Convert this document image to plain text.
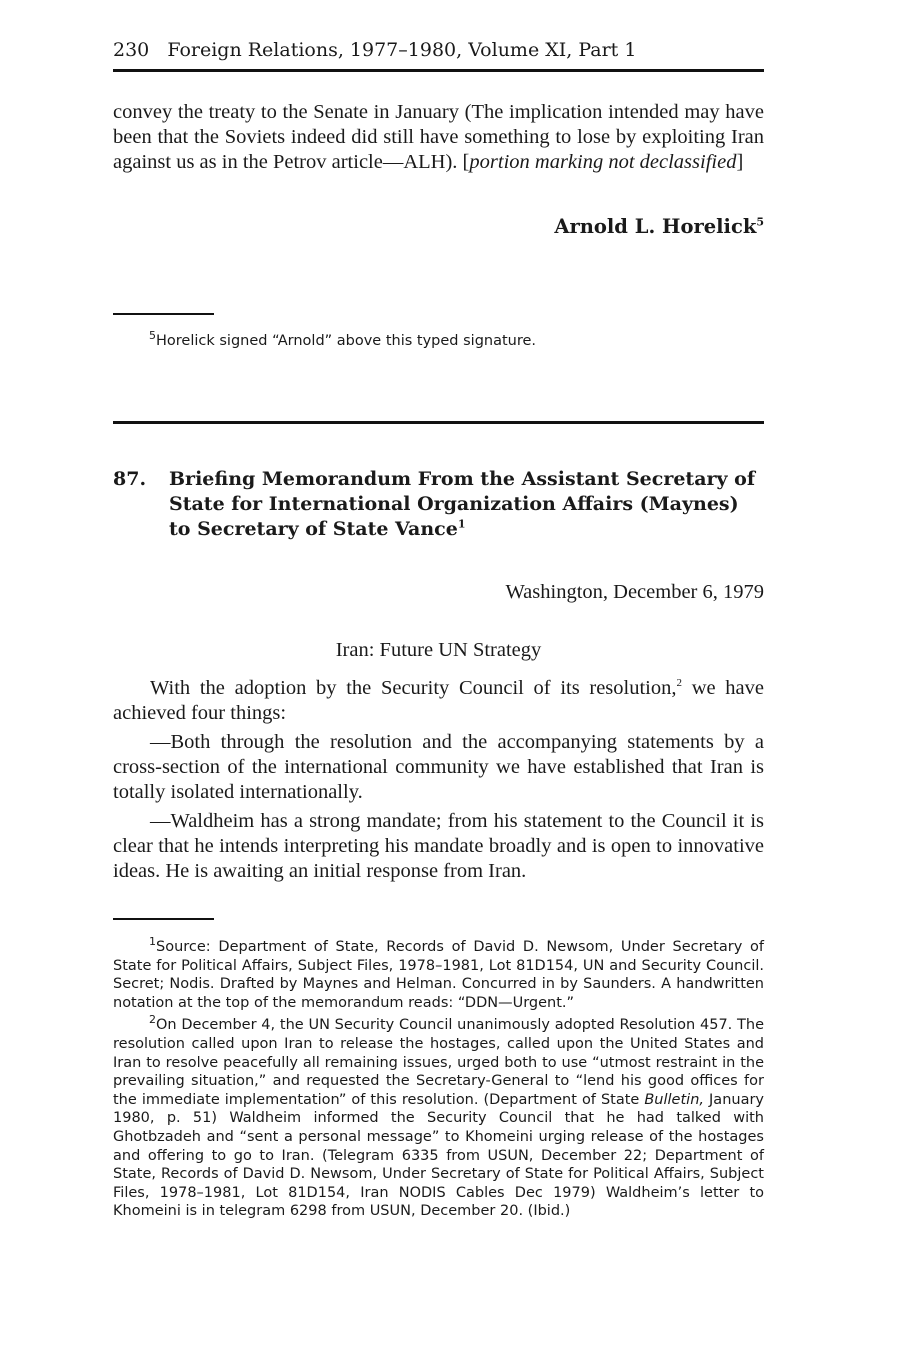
230 Foreign Relations, 1977–1980, Volume XI, Part 1

convey the treaty to the Senate in January (The implication intended may have been that the Soviets indeed did still have something to lose by exploiting Iran against us as in the Petrov article—ALH). [portion marking not declassified]

Arnold L. Horelick$^5$

$^5$Horelick signed “Arnold” above this typed signature.

87. Briefing Memorandum From the Assistant Secretary of State for International Organization Affairs (Maynes) to Secretary of State Vance$^1$
Washington, December 6, 1979
Iran: Future UN Strategy

With the adoption by the Security Council of its resolution,$^2$ we have achieved four things:

—Both through the resolution and the accompanying statements by a cross-section of the international community we have established that Iran is totally isolated internationally.

—Waldheim has a strong mandate; from his statement to the Council it is clear that he intends interpreting his mandate broadly and is open to innovative ideas. He is awaiting an initial response from Iran.

$^1$Source: Department of State, Records of David D. Newsom, Under Secretary of State for Political Affairs, Subject Files, 1978–1981, Lot 81D154, UN and Security Council. Secret; Nodis. Drafted by Maynes and Helman. Concurred in by Saunders. A handwritten notation at the top of the memorandum reads: “DDN—Urgent.”

$^2$On December 4, the UN Security Council unanimously adopted Resolution 457. The resolution called upon Iran to release the hostages, called upon the United States and Iran to resolve peacefully all remaining issues, urged both to use “utmost restraint in the prevailing situation,” and requested the Secretary-General to “lend his good offices for the immediate implementation” of this resolution. (Department of State Bulletin, January 1980, p. 51) Waldheim informed the Security Council that he had talked with Ghotbzadeh and “sent a personal message” to Khomeini urging release of the hostages and offering to go to Iran. (Telegram 6335 from USUN, December 22; Department of State, Records of David D. Newsom, Under Secretary of State for Political Affairs, Subject Files, 1978–1981, Lot 81D154, Iran NODIS Cables Dec 1979) Waldheim’s letter to Khomeini is in telegram 6298 from USUN, December 20. (Ibid.)
